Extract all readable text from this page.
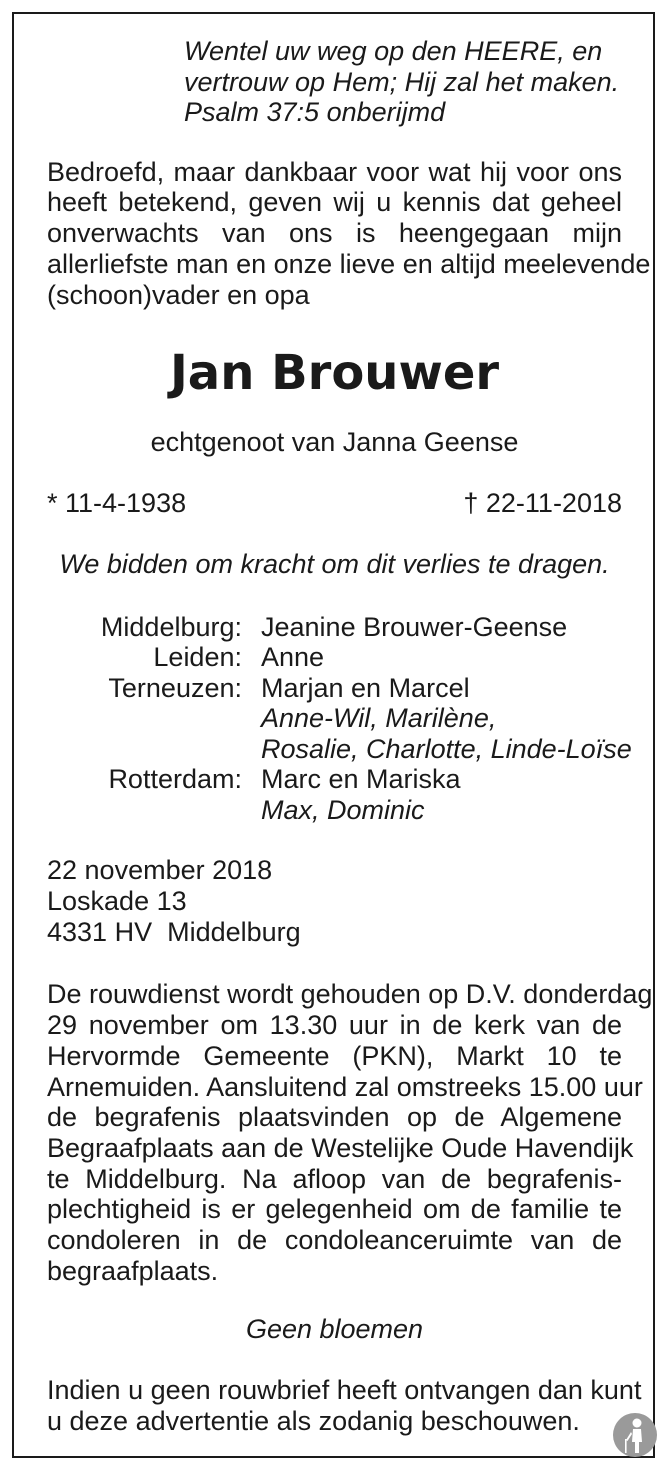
Wentel uw weg op den HEERE, en
vertrouw op Hem; Hij zal het maken.
Psalm 37:5 onberijmd
Bedroefd, maar dankbaar voor wat hij voor ons
heeft betekend, geven wij u kennis dat geheel
onverwachts van ons is heengegaan mijn
allerliefste man en onze lieve en altijd meelevende
(schoon)vader en opa
Jan Brouwer
echtgenoot van Janna Geense
* 11-4-1938	† 22-11-2018
We bidden om kracht om dit verlies te dragen.
Middelburg: Jeanine Brouwer-Geense
Leiden: Anne
Terneuzen: Marjan en Marcel
Anne-Wil, Marilène,
Rosalie, Charlotte, Linde-Loïse
Rotterdam: Marc en Mariska
Max, Dominic
22 november 2018
Loskade 13
4331 HV  Middelburg
De rouwdienst wordt gehouden op D.V. donderdag
29 november om 13.30 uur in de kerk van de
Hervormde Gemeente (PKN), Markt 10 te
Arnemuiden. Aansluitend zal omstreeks 15.00 uur
de begrafenis plaatsvinden op de Algemene
Begraafplaats aan de Westelijke Oude Havendijk
te Middelburg. Na afloop van de begrafenis-
plechtigheid is er gelegenheid om de familie te
condoleren in de condoleanceruimte van de
begraafplaats.
Geen bloemen
Indien u geen rouwbrief heeft ontvangen dan kunt
u deze advertentie als zodanig beschouwen.
